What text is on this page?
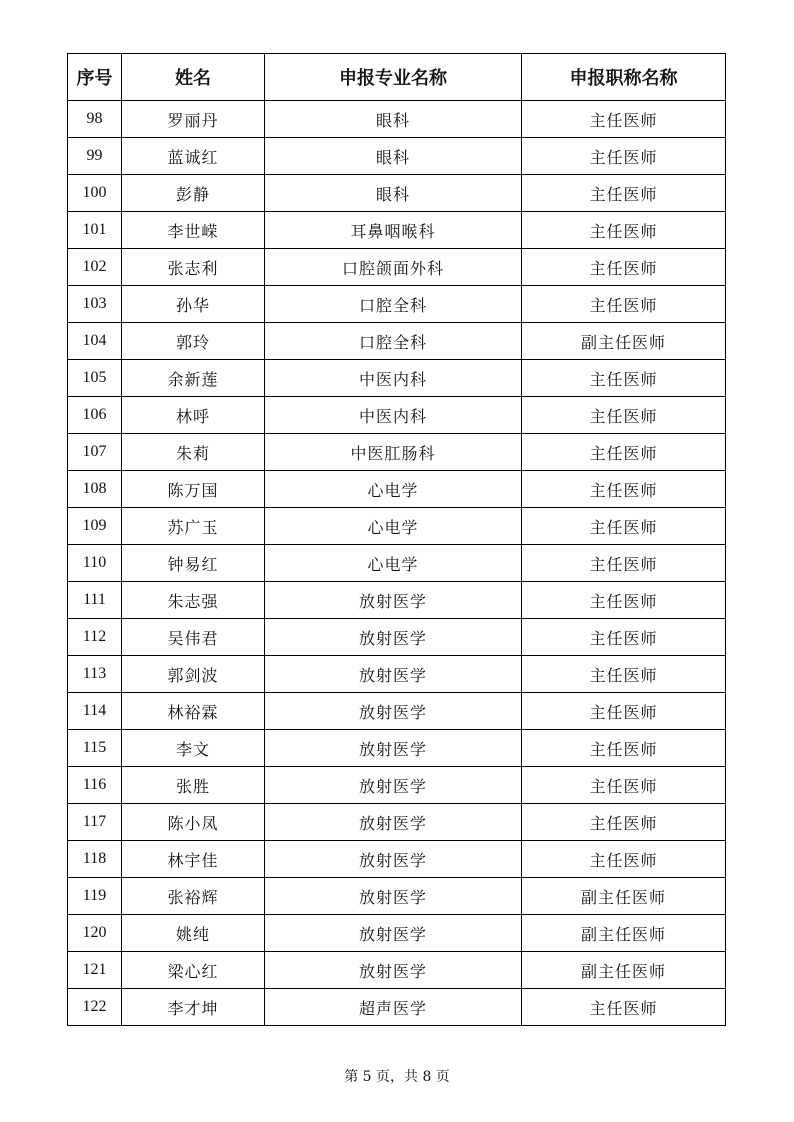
序号	姓名	申报专业名称	申报职称名称
98	罗丽丹	眼科	主任医师
99	蓝诚红	眼科	主任医师
100	彭静	眼科	主任医师
101	李世嵘	耳鼻咽喉科	主任医师
102	张志利	口腔颌面外科	主任医师
103	孙华	口腔全科	主任医师
104	郭玲	口腔全科	副主任医师
105	余新莲	中医内科	主任医师
106	林呼	中医内科	主任医师
107	朱莉	中医肛肠科	主任医师
108	陈万国	心电学	主任医师
109	苏广玉	心电学	主任医师
110	钟易红	心电学	主任医师
111	朱志强	放射医学	主任医师
112	吴伟君	放射医学	主任医师
113	郭剑波	放射医学	主任医师
114	林裕霖	放射医学	主任医师
115	李文	放射医学	主任医师
116	张胜	放射医学	主任医师
117	陈小凤	放射医学	主任医师
118	林宇佳	放射医学	主任医师
119	张裕辉	放射医学	副主任医师
120	姚纯	放射医学	副主任医师
121	梁心红	放射医学	副主任医师
122	李才坤	超声医学	主任医师
第 5 页，共 8 页
